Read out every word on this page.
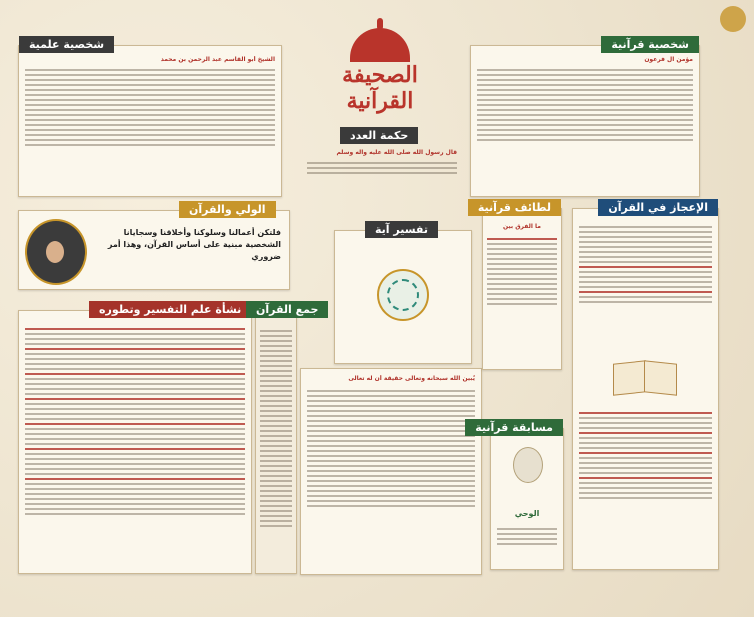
شخصية علمية
الشيخ أبو القاسم عبد الرحمن بن محمد
الصحيفة القرآنية
شخصية قرآنية
مؤمن آل فرعون
حكمة العدد
قال رسول الله صلى الله عليه وآله وسلم
الولي والقرآن
فلتكن أعمالنا وسلوكنا وأخلاقنا وسجايانا الشخصية مبنية على أساس القرآن، وهذا أمر ضروري
تفسير آية
يُبين الله سبحانه وتعالى حقيقة أن له تعالى
لطائف قرآنية
ما الفرق بين
الإعجاز في القرآن
مسابقة قرآنية
الوحي
نشأة علم التفسير وتطوره	جمع القرآن
